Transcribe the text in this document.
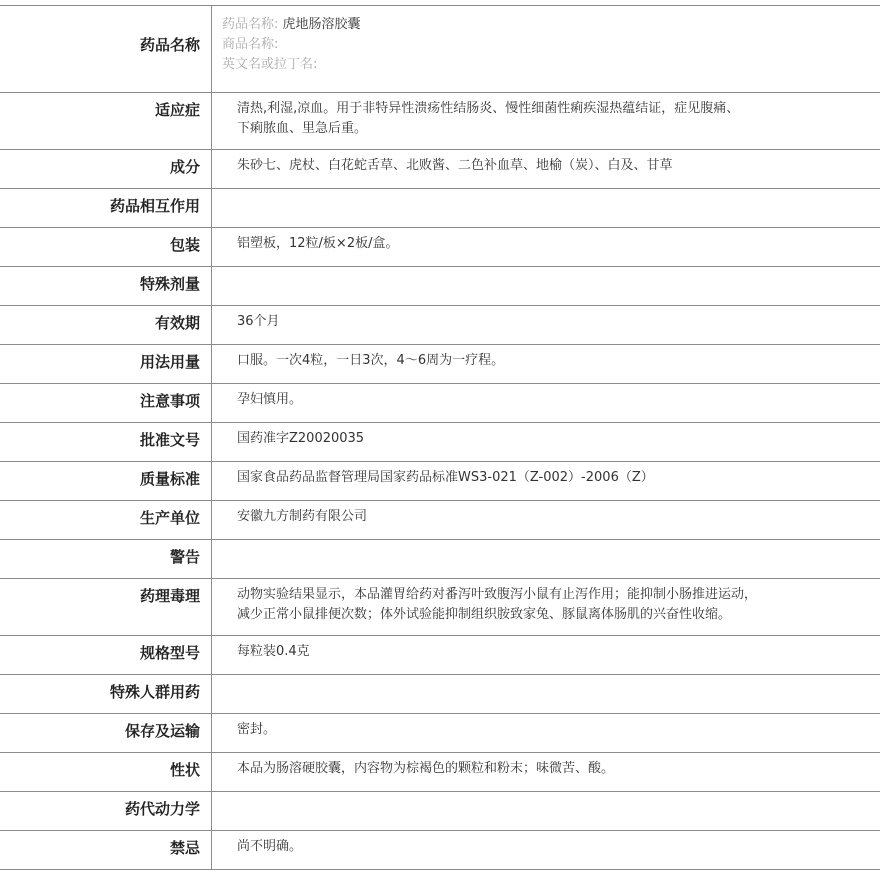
药品名称	药品名称: 虎地肠溶胶囊
商品名称:
英文名或拉丁名:

适应症	清热,利湿,凉血。用于非特异性溃疡性结肠炎、慢性细菌性痢疾湿热蕴结证，症见腹痛、
下痢脓血、里急后重。

成分	朱砂七、虎杖、白花蛇舌草、北败酱、二色补血草、地榆（炭）、白及、甘草
药品相互作用	
包装	铝塑板，12粒/板×2板/盒。
特殊剂量	
有效期	36个月
用法用量	口服。一次4粒，一日3次，4～6周为一疗程。
注意事项	孕妇慎用。
批准文号	国药准字Z20020035
质量标准	国家食品药品监督管理局国家药品标准WS3-021（Z-002）-2006（Z）
生产单位	安徽九方制药有限公司
警告	
药理毒理	动物实验结果显示，本品灌胃给药对番泻叶致腹泻小鼠有止泻作用；能抑制小肠推进运动，
减少正常小鼠排便次数；体外试验能抑制组织胺致家兔、豚鼠离体肠肌的兴奋性收缩。

规格型号	每粒装0.4克
特殊人群用药	
保存及运输	密封。
性状	本品为肠溶硬胶囊，内容物为棕褐色的颗粒和粉末；味微苦、酸。
药代动力学	
禁忌	尚不明确。
